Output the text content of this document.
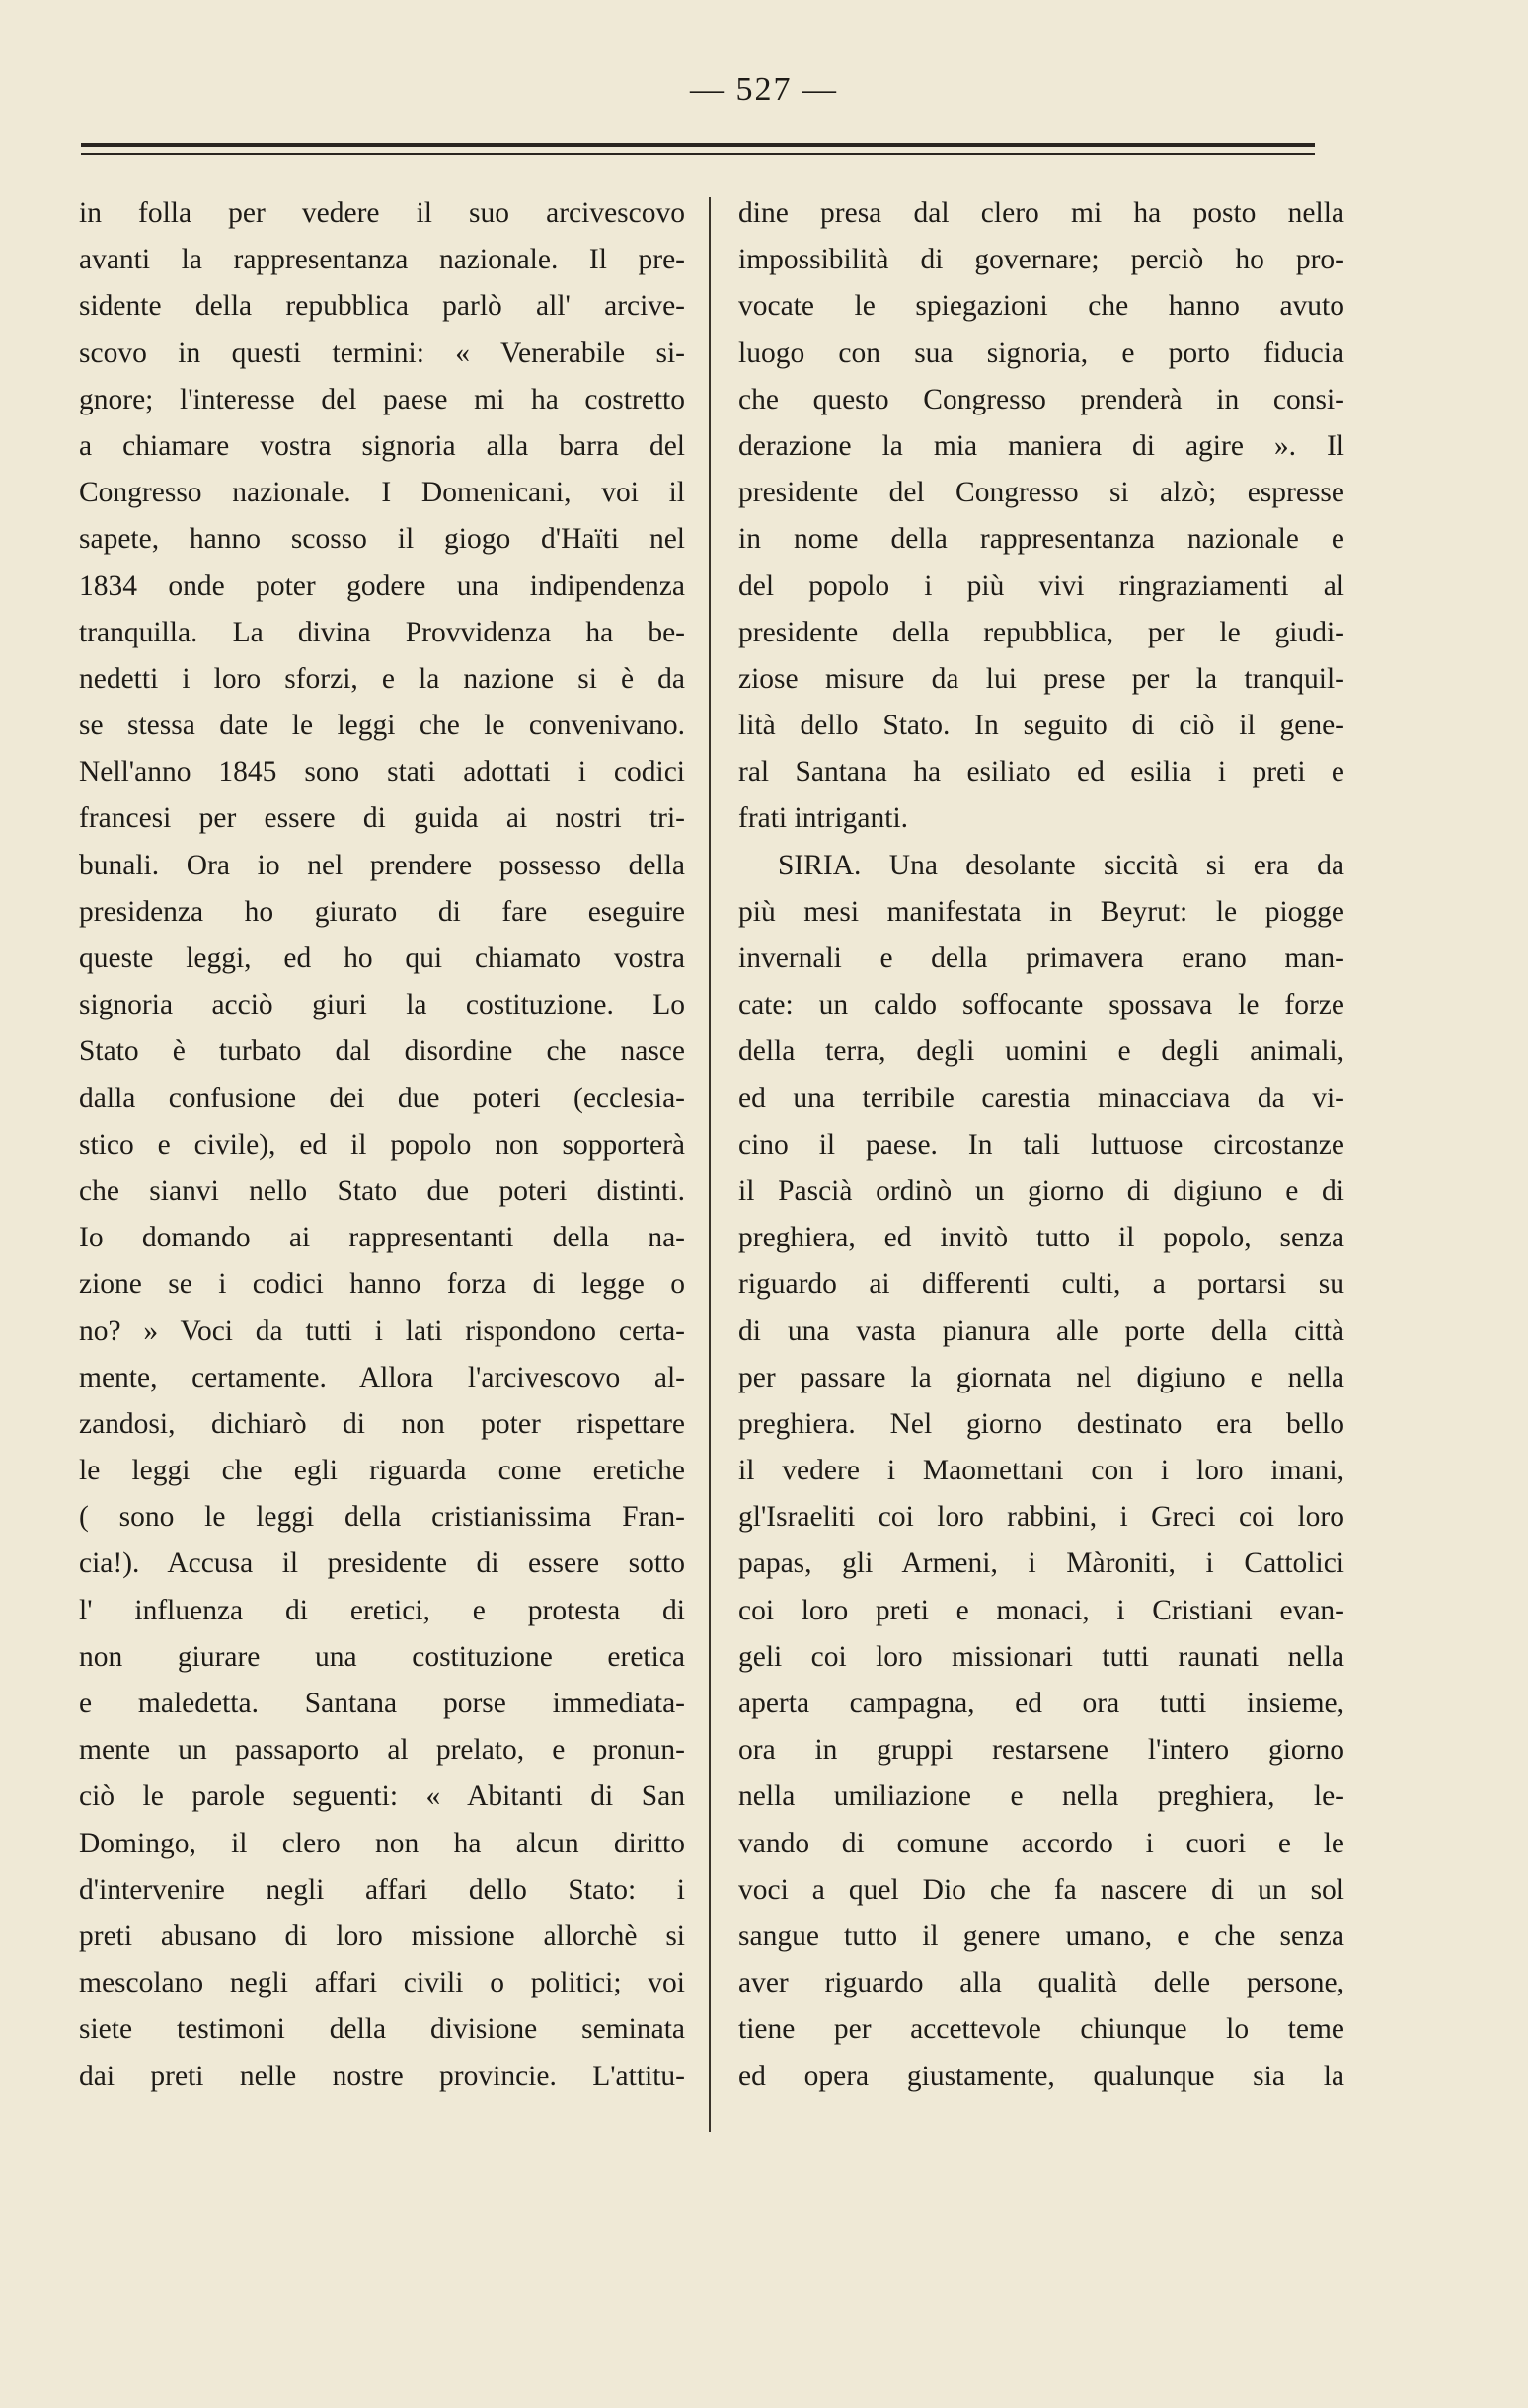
— 527 —
in folla per vedere il suo arcivescovo
avanti la rappresentanza nazionale. Il pre-
sidente della repubblica parlò all' arcive-
scovo in questi termini: « Venerabile si-
gnore; l'interesse del paese mi ha costretto
a chiamare vostra signoria alla barra del
Congresso nazionale. I Domenicani, voi il
sapete, hanno scosso il giogo d'Haïti nel
1834 onde poter godere una indipendenza
tranquilla. La divina Provvidenza ha be-
nedetti i loro sforzi, e la nazione si è da
se stessa date le leggi che le convenivano.
Nell'anno 1845 sono stati adottati i codici
francesi per essere di guida ai nostri tri-
bunali. Ora io nel prendere possesso della
presidenza ho giurato di fare eseguire
queste leggi, ed ho qui chiamato vostra
signoria acciò giuri la costituzione. Lo
Stato è turbato dal disordine che nasce
dalla confusione dei due poteri (ecclesia-
stico e civile), ed il popolo non sopporterà
che sianvi nello Stato due poteri distinti.
Io domando ai rappresentanti della na-
zione se i codici hanno forza di legge o
no? » Voci da tutti i lati rispondono certa-
mente, certamente. Allora l'arcivescovo al-
zandosi, dichiarò di non poter rispettare
le leggi che egli riguarda come eretiche
( sono le leggi della cristianissima Fran-
cia!). Accusa il presidente di essere sotto
l' influenza di eretici, e protesta di
non giurare una costituzione eretica
e maledetta. Santana porse immediata-
mente un passaporto al prelato, e pronun-
ciò le parole seguenti: « Abitanti di San
Domingo, il clero non ha alcun diritto
d'intervenire negli affari dello Stato: i
preti abusano di loro missione allorchè si
mescolano negli affari civili o politici; voi
siete testimoni della divisione seminata
dai preti nelle nostre provincie. L'attitu-
dine presa dal clero mi ha posto nella
impossibilità di governare; perciò ho pro-
vocate le spiegazioni che hanno avuto
luogo con sua signoria, e porto fiducia
che questo Congresso prenderà in consi-
derazione la mia maniera di agire ». Il
presidente del Congresso si alzò; espresse
in nome della rappresentanza nazionale e
del popolo i più vivi ringraziamenti al
presidente della repubblica, per le giudi-
ziose misure da lui prese per la tranquil-
lità dello Stato. In seguito di ciò il gene-
ral Santana ha esiliato ed esilia i preti e
frati intriganti.
SIRIA. Una desolante siccità si era da
più mesi manifestata in Beyrut: le piogge
invernali e della primavera erano man-
cate: un caldo soffocante spossava le forze
della terra, degli uomini e degli animali,
ed una terribile carestia minacciava da vi-
cino il paese. In tali luttuose circostanze
il Pascià ordinò un giorno di digiuno e di
preghiera, ed invitò tutto il popolo, senza
riguardo ai differenti culti, a portarsi su
di una vasta pianura alle porte della città
per passare la giornata nel digiuno e nella
preghiera. Nel giorno destinato era bello
il vedere i Maomettani con i loro imani,
gl'Israeliti coi loro rabbini, i Greci coi loro
papas, gli Armeni, i Màroniti, i Cattolici
coi loro preti e monaci, i Cristiani evan-
geli coi loro missionari tutti raunati nella
aperta campagna, ed ora tutti insieme,
ora in gruppi restarsene l'intero giorno
nella umiliazione e nella preghiera, le-
vando di comune accordo i cuori e le
voci a quel Dio che fa nascere di un sol
sangue tutto il genere umano, e che senza
aver riguardo alla qualità delle persone,
tiene per accettevole chiunque lo teme
ed opera giustamente, qualunque sia la
